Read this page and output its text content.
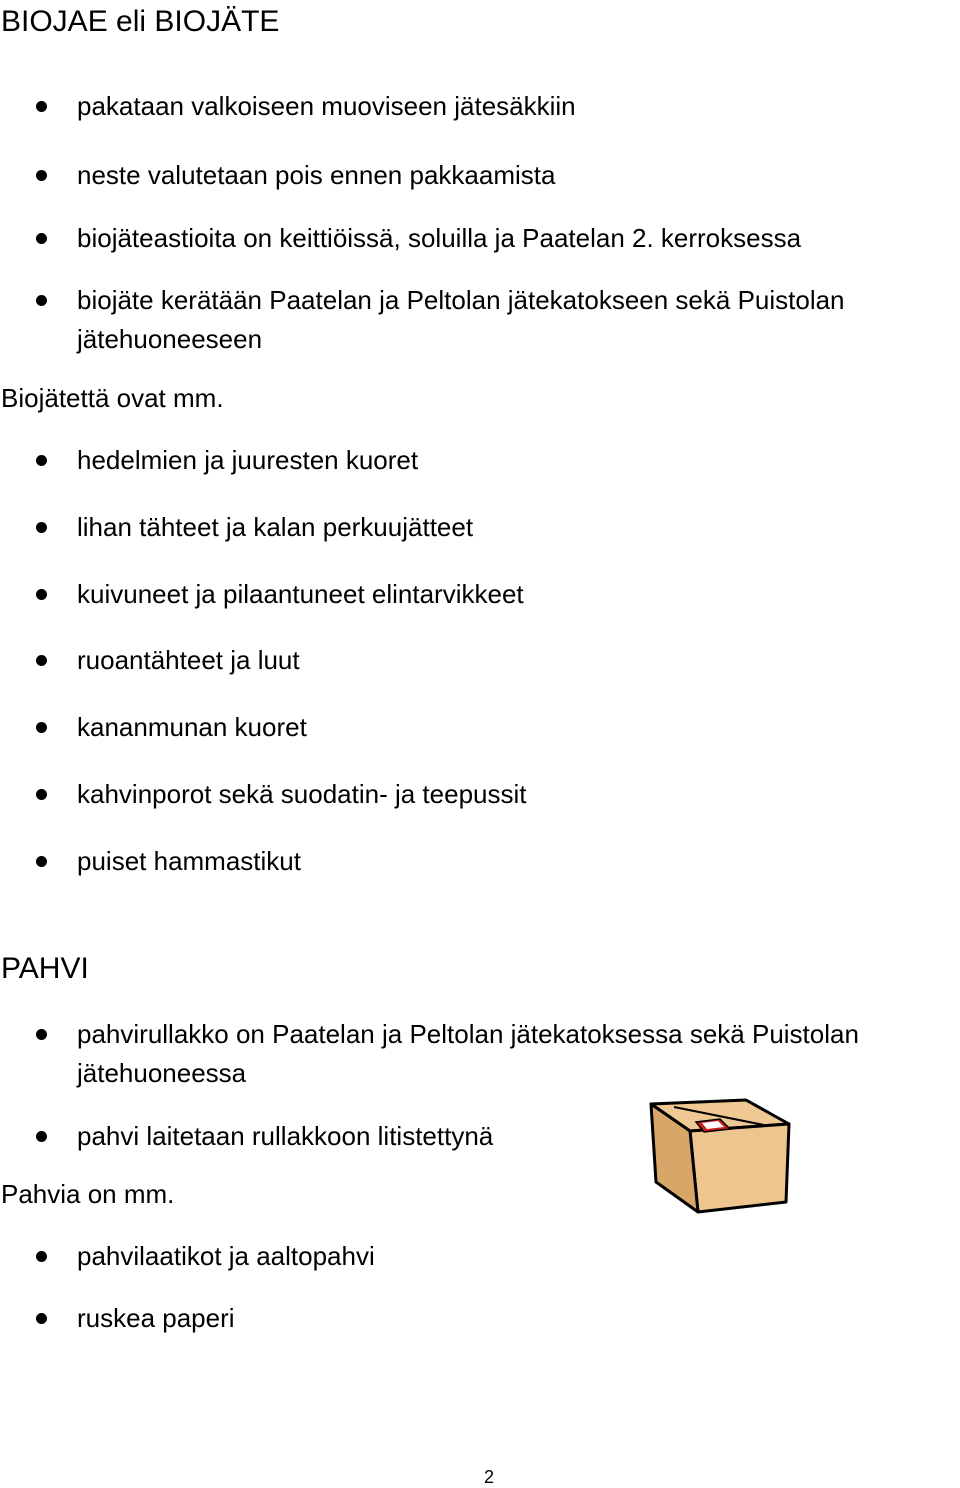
BIOJAE eli BIOJÄTE
pakataan valkoiseen muoviseen jätesäkkiin
neste valutetaan pois ennen pakkaamista
biojäteastioita on keittiöissä, soluilla ja Paatelan 2. kerroksessa
biojäte kerätään Paatelan ja Peltolan jätekatokseen sekä Puistolan
jätehuoneeseen
Biojätettä ovat mm.
hedelmien ja juuresten kuoret
lihan tähteet ja kalan perkuujätteet
kuivuneet ja pilaantuneet elintarvikkeet
ruoantähteet ja luut
kananmunan kuoret
kahvinporot sekä suodatin- ja teepussit
puiset hammastikut
PAHVI
pahvirullakko on Paatelan ja Peltolan jätekatoksessa sekä Puistolan
jätehuoneessa
pahvi laitetaan rullakkoon litistettynä
Pahvia on mm.
pahvilaatikot ja aaltopahvi
ruskea paperi
2
